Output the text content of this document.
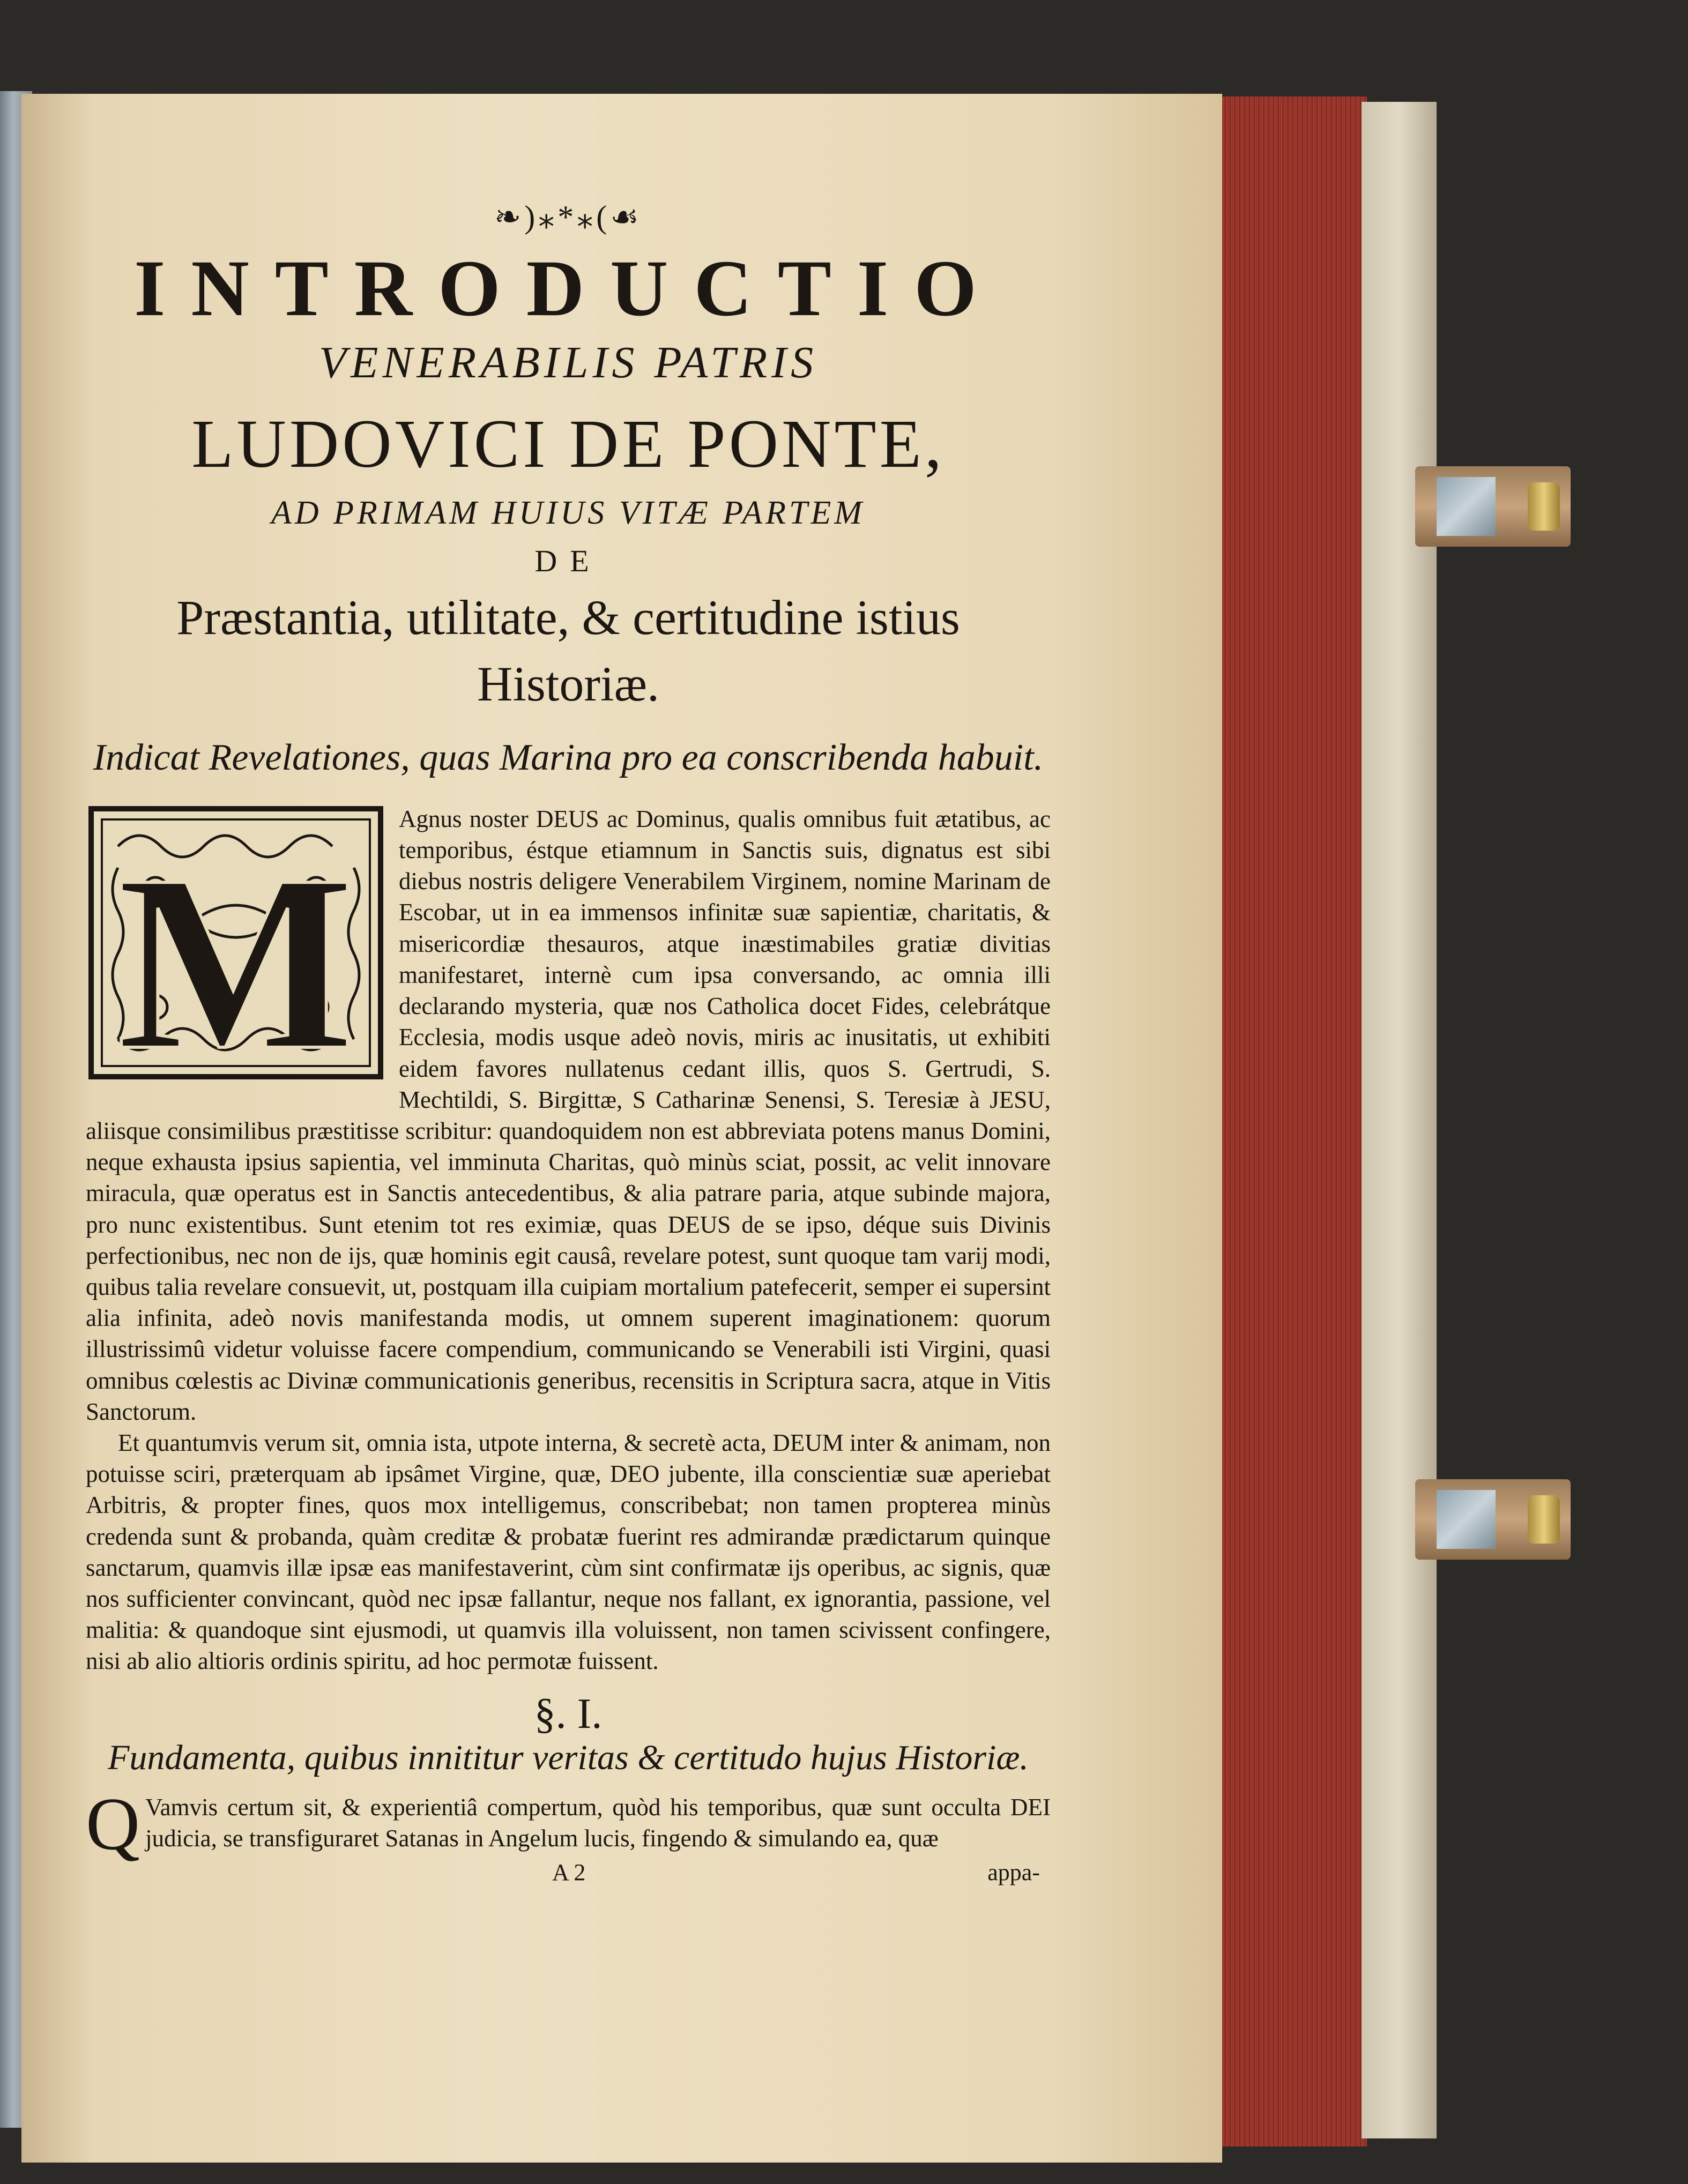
❧)⁎*⁎(☙
INTRODUCTIO
VENERABILIS PATRIS
LUDOVICI DE PONTE,
AD PRIMAM HUIUS VITÆ PARTEM
DE
Præstantia, utilitate, & certitudine istius Historiæ.
Indicat Revelationes, quas Marina pro ea conscribenda habuit.
M

Agnus noster DEUS ac Dominus, qualis omnibus fuit ætatibus, ac temporibus, éstque etiamnum in Sanctis suis, dignatus est sibi diebus nostris deligere Venerabilem Virginem, nomine Marinam de Escobar, ut in ea immensos infinitæ suæ sapientiæ, charitatis, & misericordiæ thesauros, atque inæstimabiles gratiæ divitias manifestaret, internè cum ipsa conversando, ac omnia illi declarando mysteria, quæ nos Catholica docet Fides, celebrátque Ecclesia, modis usque adeò novis, miris ac inusitatis, ut exhibiti eidem favores nullatenus cedant illis, quos S. Gertrudi, S. Mechtildi, S. Birgittæ, S Catharinæ Senensi, S. Teresiæ à JESU, aliisque consimilibus præstitisse scribitur: quandoquidem non est abbreviata potens manus Domini, neque exhausta ipsius sapientia, vel imminuta Charitas, quò minùs sciat, possit, ac velit innovare miracula, quæ operatus est in Sanctis antecedentibus, & alia patrare paria, atque subinde majora, pro nunc existentibus. Sunt etenim tot res eximiæ, quas DEUS de se ipso, déque suis Divinis perfectionibus, nec non de ijs, quæ hominis egit causâ, revelare potest, sunt quoque tam varij modi, quibus talia revelare consuevit, ut, postquam illa cuipiam mortalium patefecerit, semper ei supersint alia infinita, adeò novis manifestanda modis, ut omnem superent imaginationem: quorum illustrissimû videtur voluisse facere compendium, communicando se Venerabili isti Virgini, quasi omnibus cœlestis ac Divinæ communicationis generibus, recensitis in Scriptura sacra, atque in Vitis Sanctorum.

Et quantumvis verum sit, omnia ista, utpote interna, & secretè acta, DEUM inter & animam, non potuisse sciri, præterquam ab ipsâmet Virgine, quæ, DEO jubente, illa conscientiæ suæ aperiebat Arbitris, & propter fines, quos mox intelligemus, conscribebat; non tamen propterea minùs credenda sunt & probanda, quàm creditæ & probatæ fuerint res admirandæ prædictarum quinque sanctarum, quamvis illæ ipsæ eas manifestaverint, cùm sint confirmatæ ijs operibus, ac signis, quæ nos sufficienter convincant, quòd nec ipsæ fallantur, neque nos fallant, ex ignorantia, passione, vel malitia: & quandoque sint ejusmodi, ut quamvis illa voluissent, non tamen scivissent confingere, nisi ab alio altioris ordinis spiritu, ad hoc permotæ fuissent.

§. I.
Fundamenta, quibus innititur veritas & certitudo hujus Historiæ.
Q Vamvis certum sit, & experientiâ compertum, quòd his temporibus, quæ sunt occulta DEI judicia, se transfiguraret Satanas in Angelum lucis, fingendo & simulando ea, quæ
A 2	appa-
